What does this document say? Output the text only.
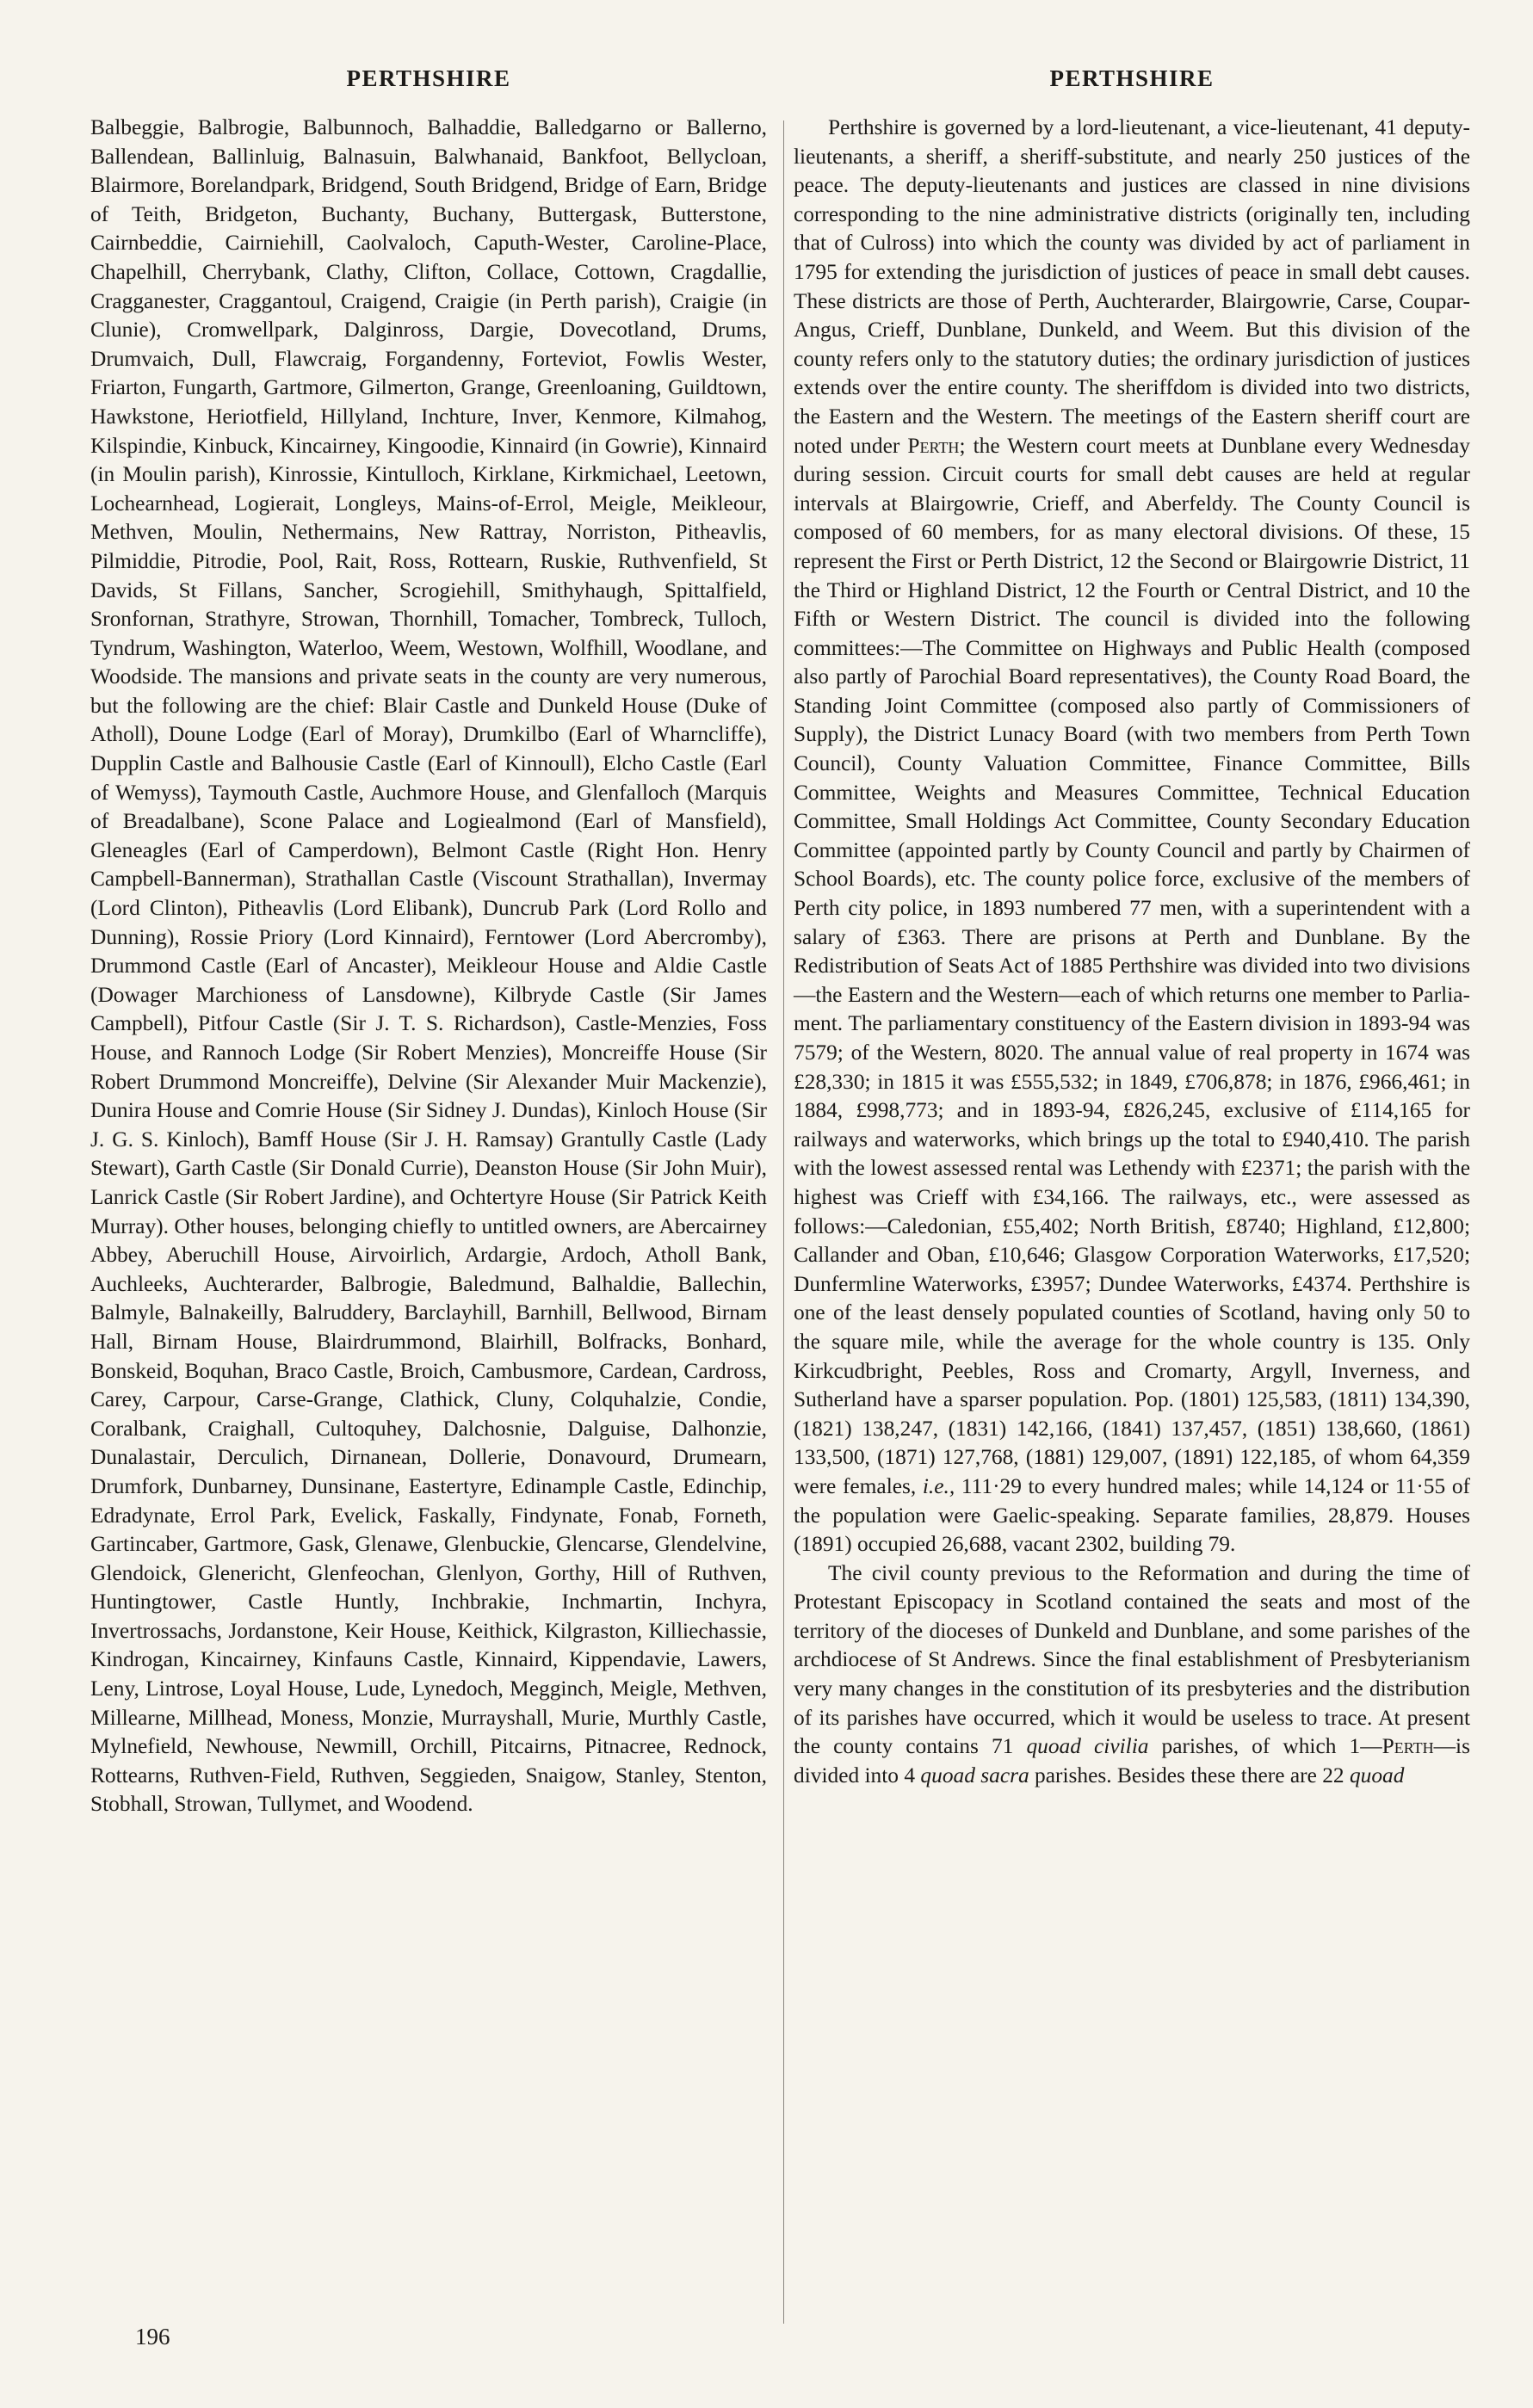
PERTHSHIRE	PERTHSHIRE

Balbeggie, Balbrogie, Balbunnoch, Balhaddie, Balledgarno or Ballerno, Ballendean, Ballinluig, Balnasuin, Balwhanaid, Bankfoot, Bellycloan, Blairmore, Borelandpark, Bridgend, South Bridgend, Bridge of Earn, Bridge of Teith, Bridgeton, Buchanty, Buchany, Buttergask, Butterstone, Cairnbeddie, Cairniehill, Caolvaloch, Caputh-Wester, Caroline-Place, Chapelhill, Cherrybank, Clathy, Clifton, Collace, Cottown, Cragdallie, Cragganester, Craggantoul, Craigend, Craigie (in Perth parish), Craigie (in Clunie), Cromwellpark, Dalginross, Dargie, Dovecotland, Drums, Drumvaich, Dull, Flawcraig, Forgandenny, Forteviot, Fowlis Wester, Friarton, Fungarth, Gartmore, Gilmerton, Grange, Greenloaning, Guildtown, Hawkstone, Heriotfield, Hillyland, Inchture, Inver, Kenmore, Kilmahog, Kilspindie, Kinbuck, Kincairney, Kingoodie, Kinnaird (in Gowrie), Kinnaird (in Moulin parish), Kinrossie, Kintulloch, Kirklane, Kirkmichael, Leetown, Lochearnhead, Logierait, Longleys, Mains-of-Errol, Meigle, Meikleour, Methven, Moulin, Nethermains, New Rattray, Norriston, Pitheavlis, Pilmiddie, Pitrodie, Pool, Rait, Ross, Rottearn, Ruskie, Ruthvenfield, St Davids, St Fillans, Sancher, Scrogiehill, Smithyhaugh, Spittalfield, Sronfornan, Strathyre, Strowan, Thornhill, Tomacher, Tombreck, Tulloch, Tyndrum, Washington, Waterloo, Weem, Westown, Wolfhill, Woodlane, and Woodside. The mansions and private seats in the county are very numerous, but the following are the chief: Blair Castle and Dunkeld House (Duke of Atholl), Doune Lodge (Earl of Moray), Drumkilbo (Earl of Wharncliffe), Dupplin Castle and Balhousie Castle (Earl of Kinnoull), Elcho Castle (Earl of Wemyss), Taymouth Castle, Auchmore House, and Glenfalloch (Marquis of Breadalbane), Scone Palace and Logiealmond (Earl of Mansfield), Gleneagles (Earl of Camperdown), Belmont Castle (Right Hon. Henry Campbell-Bannerman), Strathallan Castle (Viscount Strathallan), Invermay (Lord Clinton), Pitheavlis (Lord Elibank), Duncrub Park (Lord Rollo and Dunning), Rossie Priory (Lord Kinnaird), Ferntower (Lord Abercromby), Drummond Castle (Earl of Ancaster), Meikleour House and Aldie Castle (Dowager Marchioness of Lansdowne), Kilbryde Castle (Sir James Campbell), Pitfour Castle (Sir J. T. S. Richardson), Castle-Menzies, Foss House, and Rannoch Lodge (Sir Robert Menzies), Moncreiffe House (Sir Robert Drummond Moncreiffe), Delvine (Sir Alexander Muir Mackenzie), Dunira House and Comrie House (Sir Sidney J. Dundas), Kinloch House (Sir J. G. S. Kinloch), Bamff House (Sir J. H. Ramsay) Grantully Castle (Lady Stewart), Garth Castle (Sir Donald Currie), Deanston House (Sir John Muir), Lanrick Castle (Sir Robert Jardine), and Ochtertyre House (Sir Patrick Keith Murray). Other houses, belonging chiefly to untitled owners, are Abercairney Abbey, Aberuchill House, Airvoirlich, Ardargie, Ardoch, Atholl Bank, Auchleeks, Auchterarder, Balbrogie, Baledmund, Balhaldie, Ballechin, Balmyle, Balnakeilly, Balruddery, Barclayhill, Barnhill, Bellwood, Birnam Hall, Birnam House, Blairdrummond, Blairhill, Bolfracks, Bonhard, Bonskeid, Boquhan, Braco Castle, Broich, Cambusmore, Cardean, Cardross, Carey, Carpour, Carse-Grange, Clathick, Cluny, Colquhalzie, Condie, Coralbank, Craighall, Cultoquhey, Dalchosnie, Dalguise, Dalhonzie, Dunalastair, Derculich, Dirnanean, Dollerie, Donavourd, Drumearn, Drumfork, Dunbarney, Dunsinane, Eastertyre, Edinample Castle, Edinchip, Edradynate, Errol Park, Evelick, Faskally, Findynate, Fonab, Forneth, Gartincaber, Gartmore, Gask, Glenawe, Glenbuckie, Glencarse, Glendelvine, Glendoick, Glenericht, Glenfeochan, Glenlyon, Gorthy, Hill of Ruthven, Huntingtower, Castle Huntly, Inchbrakie, Inchmartin, Inchyra, Invertrossachs, Jordanstone, Keir House, Keithick, Kilgraston, Killiechassie, Kindrogan, Kincairney, Kinfauns Castle, Kinnaird, Kippendavie, Lawers, Leny, Lintrose, Loyal House, Lude, Lynedoch, Megginch, Meigle, Methven, Millearne, Millhead, Moness, Monzie, Murrayshall, Murie, Murthly Castle, Mylnefield, Newhouse, Newmill, Orchill, Pitcairns, Pitnacree, Rednock, Rottearns, Ruthven-Field, Ruthven, Seggieden, Snaigow, Stanley, Stenton, Stobhall, Strowan, Tullymet, and Woodend.

Perthshire is governed by a lord-lieutenant, a vice-lieutenant, 41 deputy-lieutenants, a sheriff, a sheriff-substitute, and nearly 250 justices of the peace. The deputy-lieutenants and justices are classed in nine divisions corresponding to the nine administrative districts (originally ten, including that of Culross) into which the county was divided by act of parliament in 1795 for extending the jurisdiction of justices of peace in small debt causes. These districts are those of Perth, Auchterarder, Blairgowrie, Carse, Coupar-Angus, Crieff, Dunblane, Dunkeld, and Weem. But this division of the county refers only to the statutory duties; the ordinary jurisdiction of justices extends over the entire county. The sheriffdom is divided into two districts, the Eastern and the Western. The meetings of the Eastern sheriff court are noted under Perth; the Western court meets at Dunblane every Wednesday during session. Circuit courts for small debt causes are held at regular intervals at Blairgowrie, Crieff, and Aberfeldy. The County Council is composed of 60 members, for as many electoral divisions. Of these, 15 represent the First or Perth District, 12 the Second or Blairgowrie District, 11 the Third or Highland District, 12 the Fourth or Central District, and 10 the Fifth or Western District. The council is divided into the following committees:—The Committee on Highways and Public Health (composed also partly of Parochial Board representatives), the County Road Board, the Standing Joint Committee (composed also partly of Commissioners of Supply), the District Lunacy Board (with two members from Perth Town Council), County Valuation Committee, Finance Committee, Bills Committee, Weights and Measures Committee, Technical Education Committee, Small Holdings Act Committee, County Secondary Education Committee (appointed partly by County Council and partly by Chairmen of School Boards), etc. The county police force, exclusive of the members of Perth city police, in 1893 numbered 77 men, with a superintendent with a salary of £363. There are prisons at Perth and Dunblane. By the Redistribution of Seats Act of 1885 Perthshire was divided into two divisions—the Eastern and the Western—each of which returns one member to Parliament. The parliamentary constituency of the Eastern division in 1893-94 was 7579; of the Western, 8020. The annual value of real property in 1674 was £28,330; in 1815 it was £555,532; in 1849, £706,878; in 1876, £966,461; in 1884, £998,773; and in 1893-94, £826,245, exclusive of £114,165 for railways and waterworks, which brings up the total to £940,410. The parish with the lowest assessed rental was Lethendy with £2371; the parish with the highest was Crieff with £34,166. The railways, etc., were assessed as follows:—Caledonian, £55,402; North British, £8740; Highland, £12,800; Callander and Oban, £10,646; Glasgow Corporation Waterworks, £17,520; Dunfermline Waterworks, £3957; Dundee Waterworks, £4374. Perthshire is one of the least densely populated counties of Scotland, having only 50 to the square mile, while the average for the whole country is 135. Only Kirkcudbright, Peebles, Ross and Cromarty, Argyll, Inverness, and Sutherland have a sparser population. Pop. (1801) 125,583, (1811) 134,390, (1821) 138,247, (1831) 142,166, (1841) 137,457, (1851) 138,660, (1861) 133,500, (1871) 127,768, (1881) 129,007, (1891) 122,185, of whom 64,359 were females, i.e., 111·29 to every hundred males; while 14,124 or 11·55 of the population were Gaelic-speaking. Separate families, 28,879. Houses (1891) occupied 26,688, vacant 2302, building 79.

The civil county previous to the Reformation and during the time of Protestant Episcopacy in Scotland contained the seats and most of the territory of the dioceses of Dunkeld and Dunblane, and some parishes of the archdiocese of St Andrews. Since the final establishment of Presbyterianism very many changes in the constitution of its presbyteries and the distribution of its parishes have occurred, which it would be useless to trace. At present the county contains 71 quoad civilia parishes, of which 1—Perth—is divided into 4 quoad sacra parishes. Besides these there are 22 quoad

196
